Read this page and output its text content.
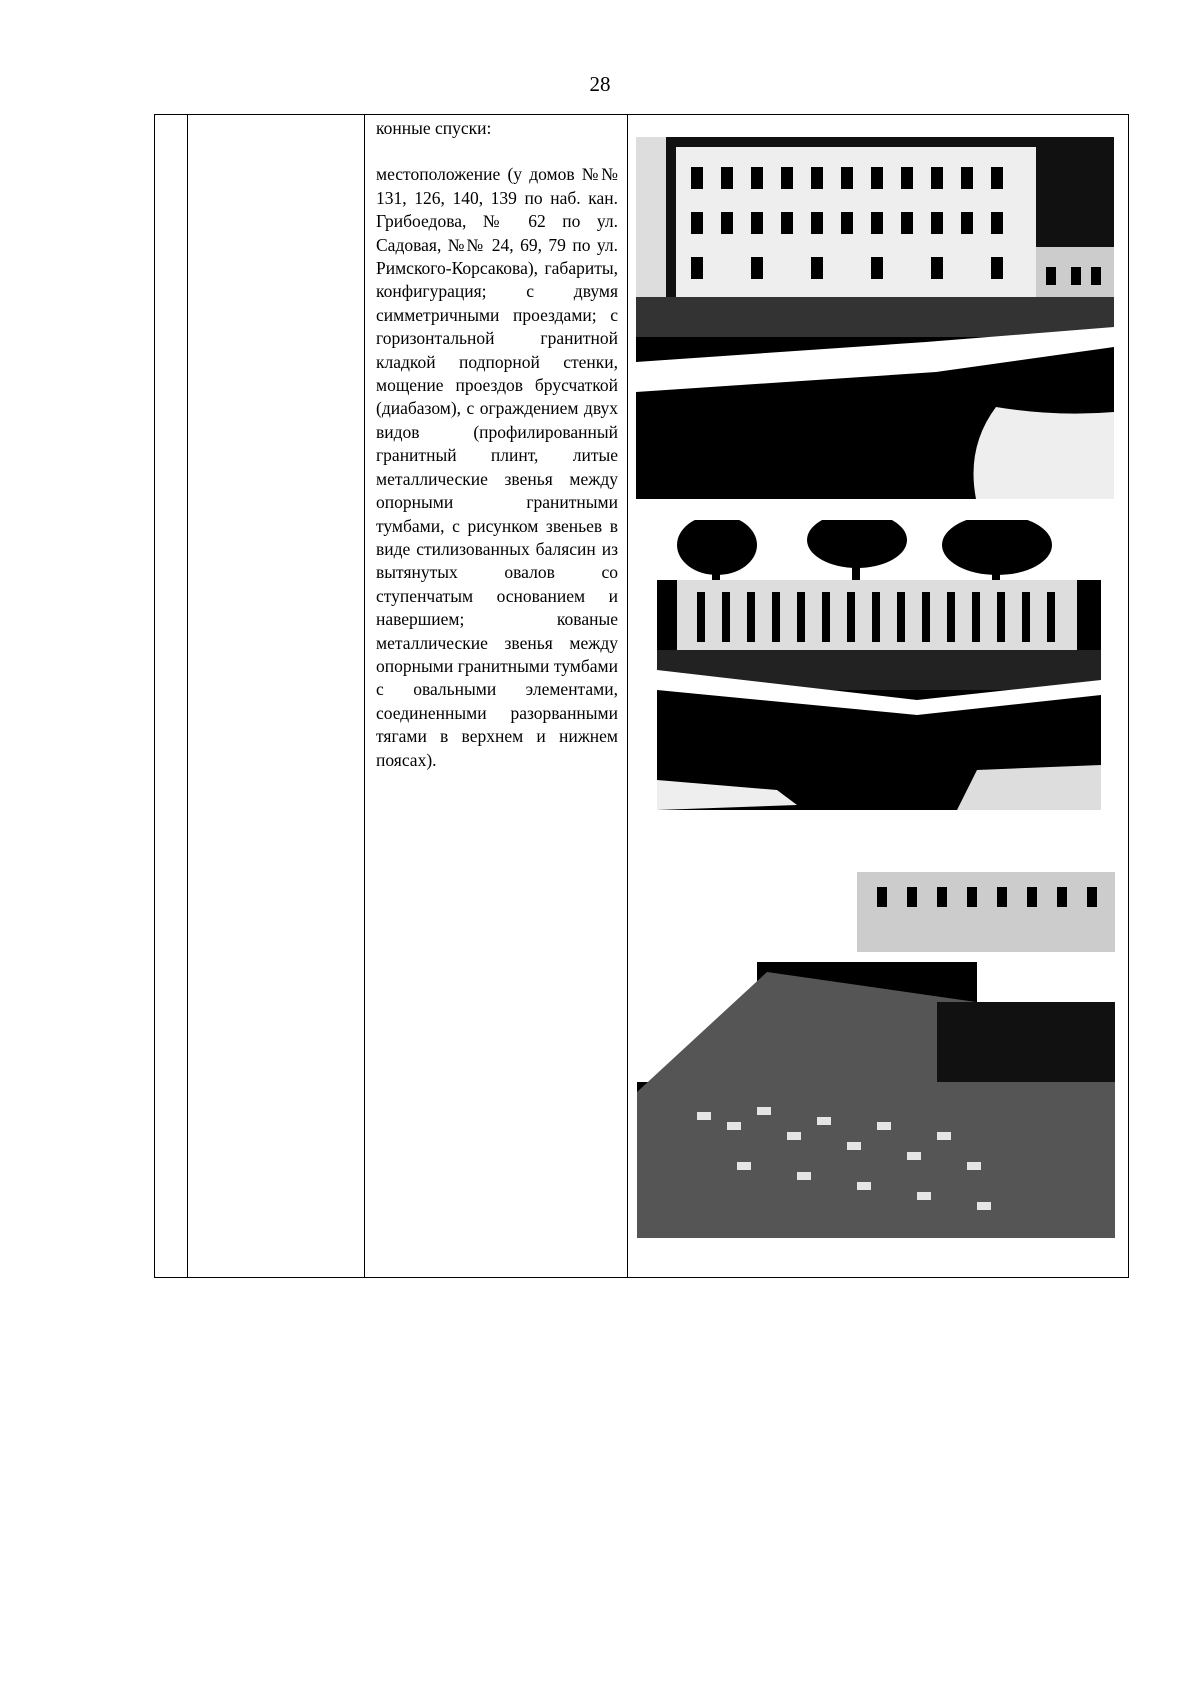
28

конные спуски:

местоположение (у домов №№ 131, 126, 140, 139 по наб. кан. Грибоедова, № 62 по ул. Садовая, №№ 24, 69, 79 по ул. Римского-Корсакова), габариты, конфигурация; с двумя симметричными проездами; с горизонтальной гранитной кладкой подпорной стенки, мощение проездов брусчаткой (диабазом), с ограждением двух видов (профилированный гранитный плинт, литые металлические звенья между опорными гранитными тумбами, с рисунком звеньев в виде стилизованных балясин из вытянутых овалов со ступенчатым основанием и навершием; кованые металлические звенья между опорными гранитными тумбами с овальными элементами, соединенными разорванными тягами в верхнем и нижнем поясах).
